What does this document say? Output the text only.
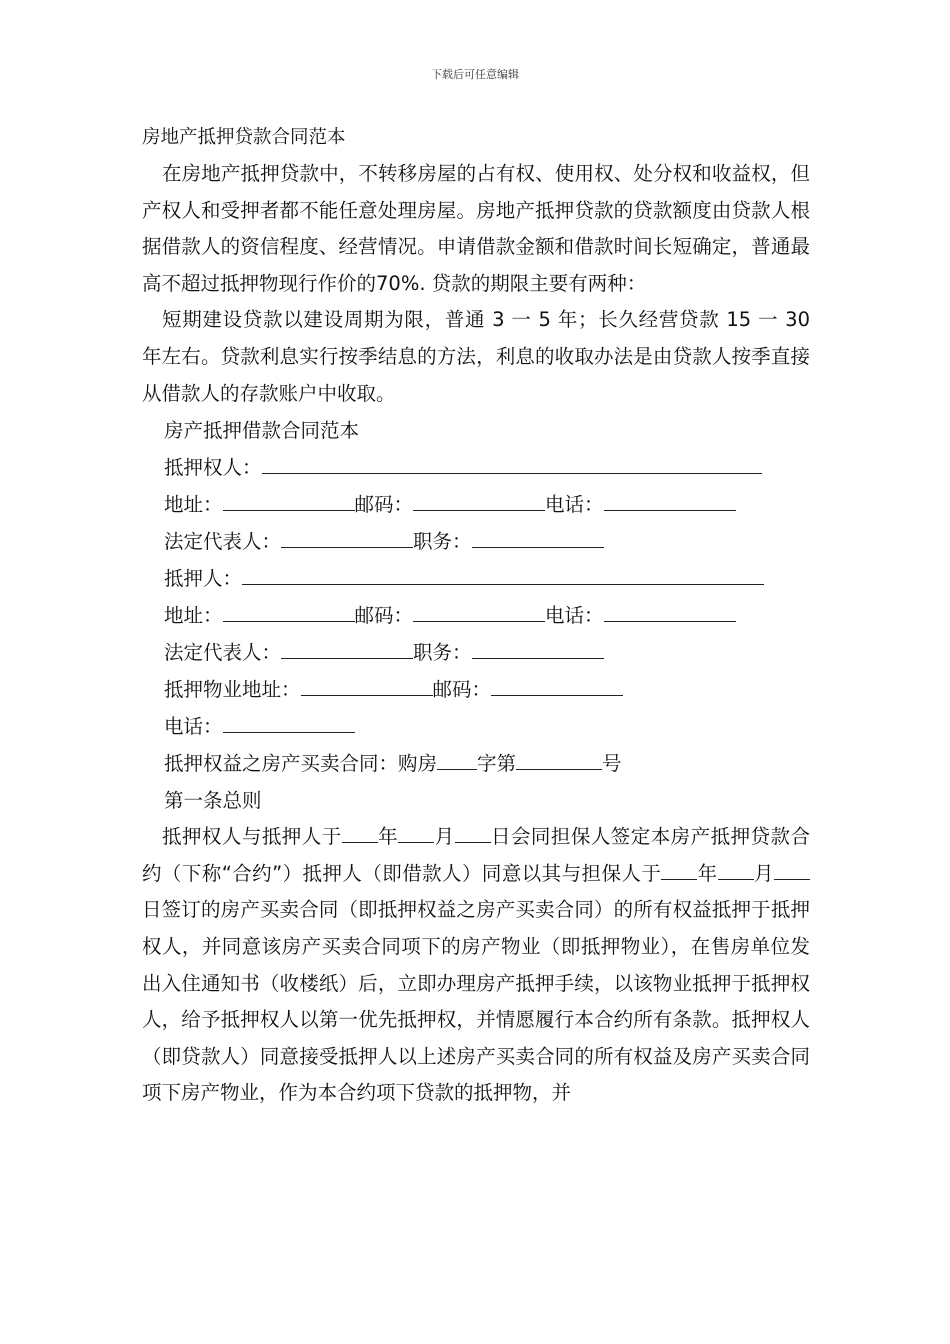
下载后可任意编辑
房地产抵押贷款合同范本

在房地产抵押贷款中，不转移房屋的占有权、使用权、处分权和收益权，但产权人和受押者都不能任意处理房屋。房地产抵押贷款的贷款额度由贷款人根据借款人的资信程度、经营情况。申请借款金额和借款时间长短确定，普通最高不超过抵押物现行作价的70%. 贷款的期限主要有两种：

短期建设贷款以建设周期为限，普通 3 一 5 年；长久经营贷款 15 一 30 年左右。贷款利息实行按季结息的方法，利息的收取办法是由贷款人按季直接从借款人的存款账户中收取。

房产抵押借款合同范本
抵押权人：
地址：	邮码：	电话：
法定代表人：	职务：
抵押人：
地址：	邮码：	电话：
法定代表人：	职务：
抵押物业地址：	邮码：
电话：
抵押权益之房产买卖合同：购房 字第	号
第一条总则

抵押权人与抵押人于 年 月 日会同担保人签定本房产抵押贷款合约（下称“合约”）抵押人（即借款人）同意以其与担保人于 年 月日签订的房产买卖合同（即抵押权益之房产买卖合同）的所有权益抵押于抵押权人，并同意该房产买卖合同项下的房产物业（即抵押物业），在售房单位发出入住通知书（收楼纸）后，立即办理房产抵押手续，以该物业抵押于抵押权人，给予抵押权人以第一优先抵押权，并情愿履行本合约所有条款。抵押权人（即贷款人）同意接受抵押人以上述房产买卖合同的所有权益及房产买卖合同项下房产物业，作为本合约项下贷款的抵押物，并
